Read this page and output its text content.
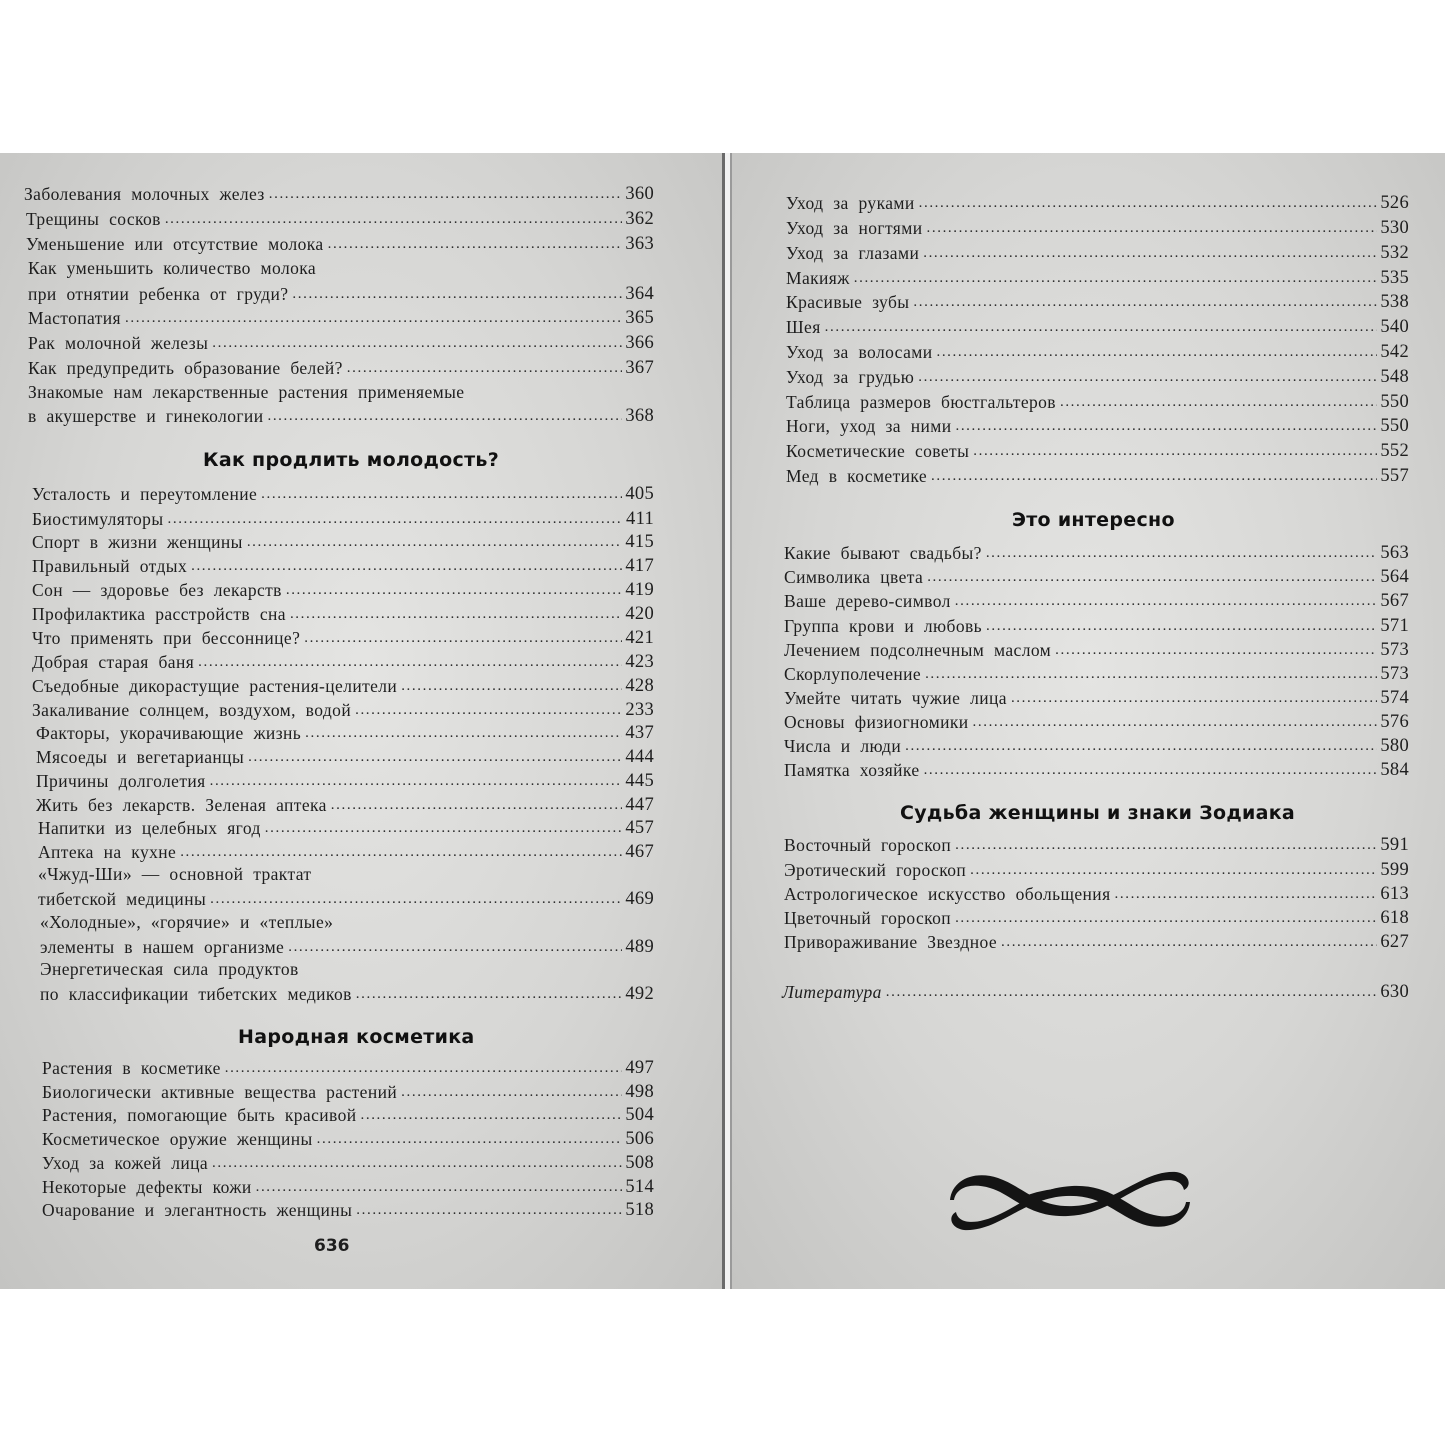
Заболевания молочных желез .....	360
Трещины сосков .....	362
Уменьшение или отсутствие молока .....	363
Как уменьшить количество молока
при отнятии ребенка от груди? .....	364
Мастопатия .....	365
Рак молочной железы .....	366
Как предупредить образование белей? .....	367
Знакомые нам лекарственные растения применяемые
в акушерстве и гинекологии .....	368
Как продлить молодость?
Усталость и переутомление .....	405
Биостимуляторы .....	411
Спорт в жизни женщины .....	415
Правильный отдых .....	417
Сон — здоровье без лекарств .....	419
Профилактика расстройств сна .....	420
Что применять при бессоннице? .....	421
Добрая старая баня .....	423
Съедобные дикорастущие растения-целители .....	428
Закаливание солнцем, воздухом, водой .....	233
Факторы, укорачивающие жизнь .....	437
Мясоеды и вегетарианцы .....	444
Причины долголетия .....	445
Жить без лекарств. Зеленая аптека .....	447
Напитки из целебных ягод .....	457
Аптека на кухне .....	467
«Чжуд-Ши» — основной трактат
тибетской медицины .....	469
«Холодные», «горячие» и «теплые»
элементы в нашем организме .....	489
Энергетическая сила продуктов
по классификации тибетских медиков .....	492
Народная косметика
Растения в косметике .....	497
Биологически активные вещества растений .....	498
Растения, помогающие быть красивой .....	504
Косметическое оружие женщины .....	506
Уход за кожей лица .....	508
Некоторые дефекты кожи .....	514
Очарование и элегантность женщины .....	518
636
Уход за руками .....	526
Уход за ногтями .....	530
Уход за глазами .....	532
Макияж .....	535
Красивые зубы .....	538
Шея .....	540
Уход за волосами .....	542
Уход за грудью .....	548
Таблица размеров бюстгальтеров .....	550
Ноги, уход за ними .....	550
Косметические советы .....	552
Мед в косметике .....	557
Это интересно
Какие бывают свадьбы? .....	563
Символика цвета .....	564
Ваше дерево-символ .....	567
Группа крови и любовь .....	571
Лечением подсолнечным маслом .....	573
Скорлуполечение .....	573
Умейте читать чужие лица .....	574
Основы физиогномики .....	576
Числа и люди .....	580
Памятка хозяйке .....	584
Судьба женщины и знаки Зодиака
Восточный гороскоп .....	591
Эротический гороскоп .....	599
Астрологическое искусство обольщения .....	613
Цветочный гороскоп .....	618
Привораживание Звездное .....	627
Литература .....	630
